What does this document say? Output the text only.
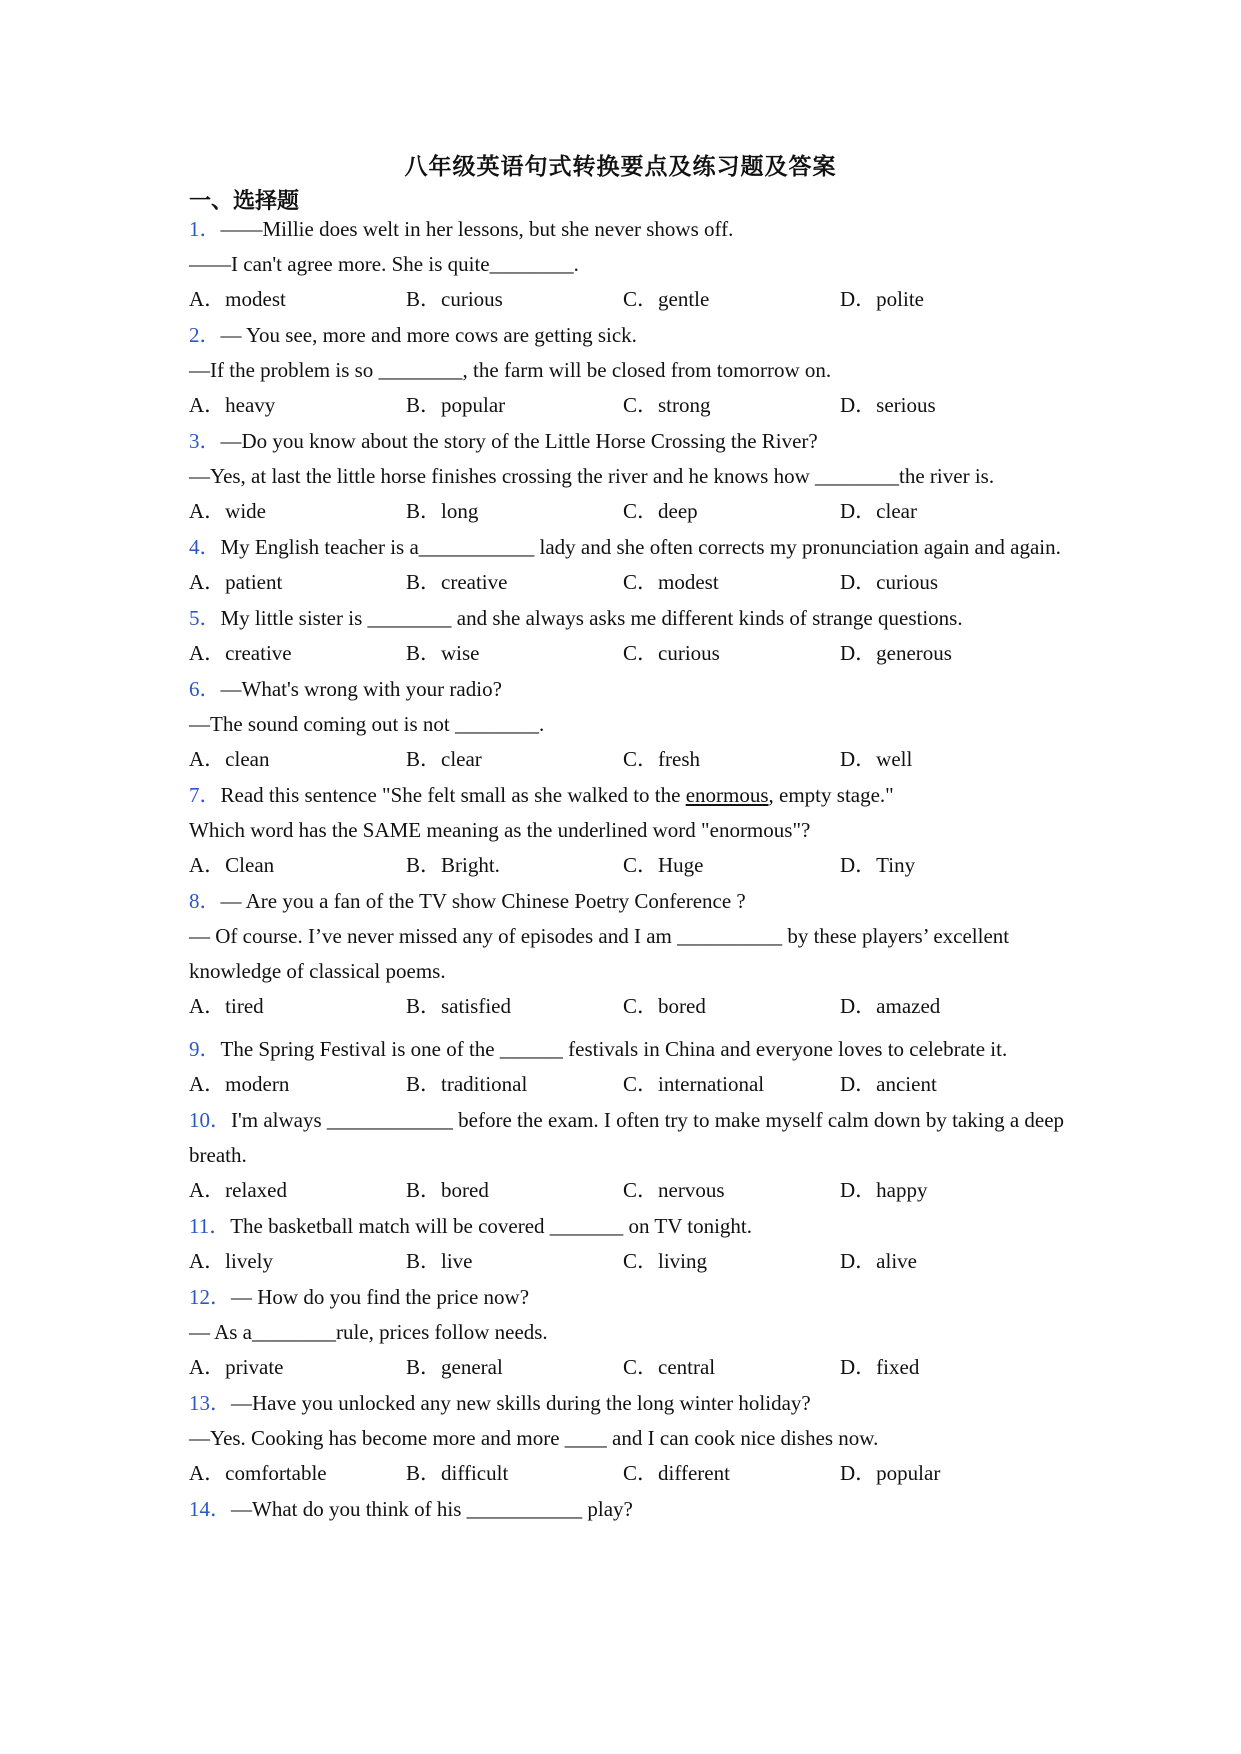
八年级英语句式转换要点及练习题及答案
一、选择题
1．——Millie does welt in her lessons, but she never shows off.
——I can't agree more. She is quite________.
A．modest	B．curious	C．gentle	D．polite
2．— You see, more and more cows are getting sick.
—If the problem is so ________, the farm will be closed from tomorrow on.
A．heavy	B．popular	C．strong	D．serious
3．—Do you know about the story of the Little Horse Crossing the River?
—Yes, at last the little horse finishes crossing the river and he knows how ________the river is.
A．wide	B．long	C．deep	D．clear
4．My English teacher is a___________ lady and she often corrects my pronunciation again and again.
A．patient	B．creative	C．modest	D．curious
5．My little sister is ________ and she always asks me different kinds of strange questions.
A．creative	B．wise	C．curious	D．generous
6．—What's wrong with your radio?
—The sound coming out is not ________.
A．clean	B．clear	C．fresh	D．well
7．Read this sentence "She felt small as she walked to the enormous, empty stage."
Which word has the SAME meaning as the underlined word "enormous"?
A．Clean	B．Bright.	C．Huge	D．Tiny
8．— Are you a fan of the TV show Chinese Poetry Conference ?
— Of course. I’ve never missed any of episodes and I am __________ by these players’ excellent knowledge of classical poems.
A．tired	B．satisfied	C．bored	D．amazed
9．The Spring Festival is one of the ______ festivals in China and everyone loves to celebrate it.
A．modern	B．traditional	C．international	D．ancient
10．I'm always ____________ before the exam. I often try to make myself calm down by taking a deep breath.
A．relaxed	B．bored	C．nervous	D．happy
11．The basketball match will be covered _______ on TV tonight.
A．lively	B．live	C．living	D．alive
12．— How do you find the price now?
— As a________rule, prices follow needs.
A．private	B．general	C．central	D．fixed
13．—Have you unlocked any new skills during the long winter holiday?
—Yes. Cooking has become more and more ____ and I can cook nice dishes now.
A．comfortable	B．difficult	C．different	D．popular
14．—What do you think of his ___________ play?
